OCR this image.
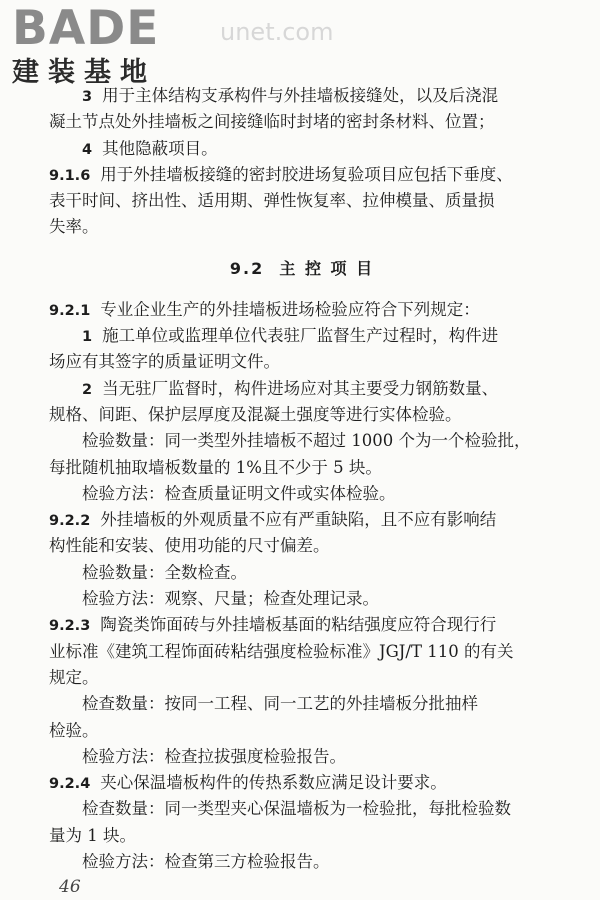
BADE
建装基地
unet.com
3 用于主体结构支承构件与外挂墙板接缝处，以及后浇混
凝土节点处外挂墙板之间接缝临时封堵的密封条材料、位置；
4 其他隐蔽项目。
9.1.6 用于外挂墙板接缝的密封胶进场复验项目应包括下垂度、
表干时间、挤出性、适用期、弹性恢复率、拉伸模量、质量损
失率。
9.2 主 控 项 目
9.2.1 专业企业生产的外挂墙板进场检验应符合下列规定：
1 施工单位或监理单位代表驻厂监督生产过程时，构件进
场应有其签字的质量证明文件。
2 当无驻厂监督时，构件进场应对其主要受力钢筋数量、
规格、间距、保护层厚度及混凝土强度等进行实体检验。
检验数量：同一类型外挂墙板不超过 1000 个为一个检验批，
每批随机抽取墙板数量的 1%且不少于 5 块。
检验方法：检查质量证明文件或实体检验。
9.2.2 外挂墙板的外观质量不应有严重缺陷，且不应有影响结
构性能和安装、使用功能的尺寸偏差。
检验数量：全数检查。
检验方法：观察、尺量；检查处理记录。
9.2.3 陶瓷类饰面砖与外挂墙板基面的粘结强度应符合现行行
业标准《建筑工程饰面砖粘结强度检验标准》JGJ/T 110 的有关
规定。
检查数量：按同一工程、同一工艺的外挂墙板分批抽样
检验。
检验方法：检查拉拔强度检验报告。
9.2.4 夹心保温墙板构件的传热系数应满足设计要求。
检查数量：同一类型夹心保温墙板为一检验批，每批检验数
量为 1 块。
检验方法：检查第三方检验报告。
46
